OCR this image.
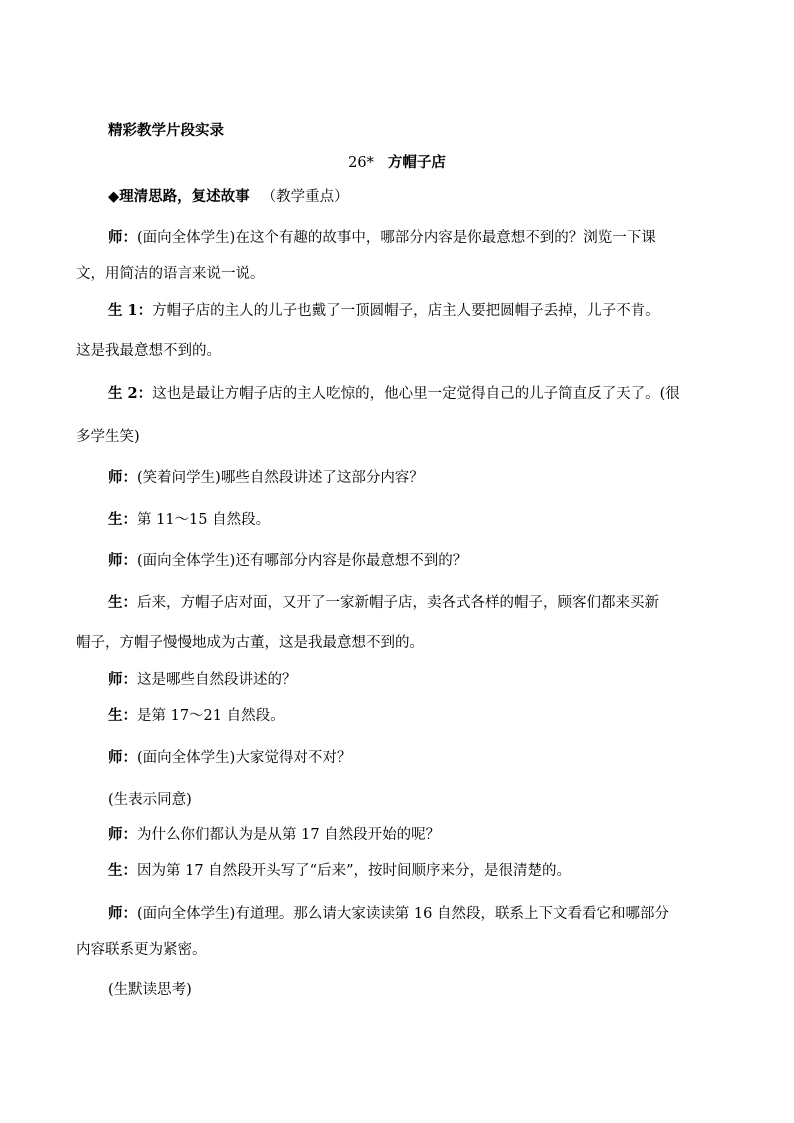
精彩教学片段实录
26* 方帽子店
◆理清思路，复述故事 （教学重点）
师：(面向全体学生)在这个有趣的故事中，哪部分内容是你最意想不到的？浏览一下课
文，用简洁的语言来说一说。
生 1：方帽子店的主人的儿子也戴了一顶圆帽子，店主人要把圆帽子丢掉，儿子不肯。
这是我最意想不到的。
生 2：这也是最让方帽子店的主人吃惊的，他心里一定觉得自己的儿子简直反了天了。(很
多学生笑)
师：(笑着问学生)哪些自然段讲述了这部分内容？
生：第 11～15 自然段。
师：(面向全体学生)还有哪部分内容是你最意想不到的？
生：后来，方帽子店对面，又开了一家新帽子店，卖各式各样的帽子，顾客们都来买新
帽子，方帽子慢慢地成为古董，这是我最意想不到的。
师：这是哪些自然段讲述的？
生：是第 17～21 自然段。
师：(面向全体学生)大家觉得对不对？
(生表示同意)
师：为什么你们都认为是从第 17 自然段开始的呢？
生：因为第 17 自然段开头写了“后来”，按时间顺序来分，是很清楚的。
师：(面向全体学生)有道理。那么请大家读读第 16 自然段，联系上下文看看它和哪部分
内容联系更为紧密。
(生默读思考)
